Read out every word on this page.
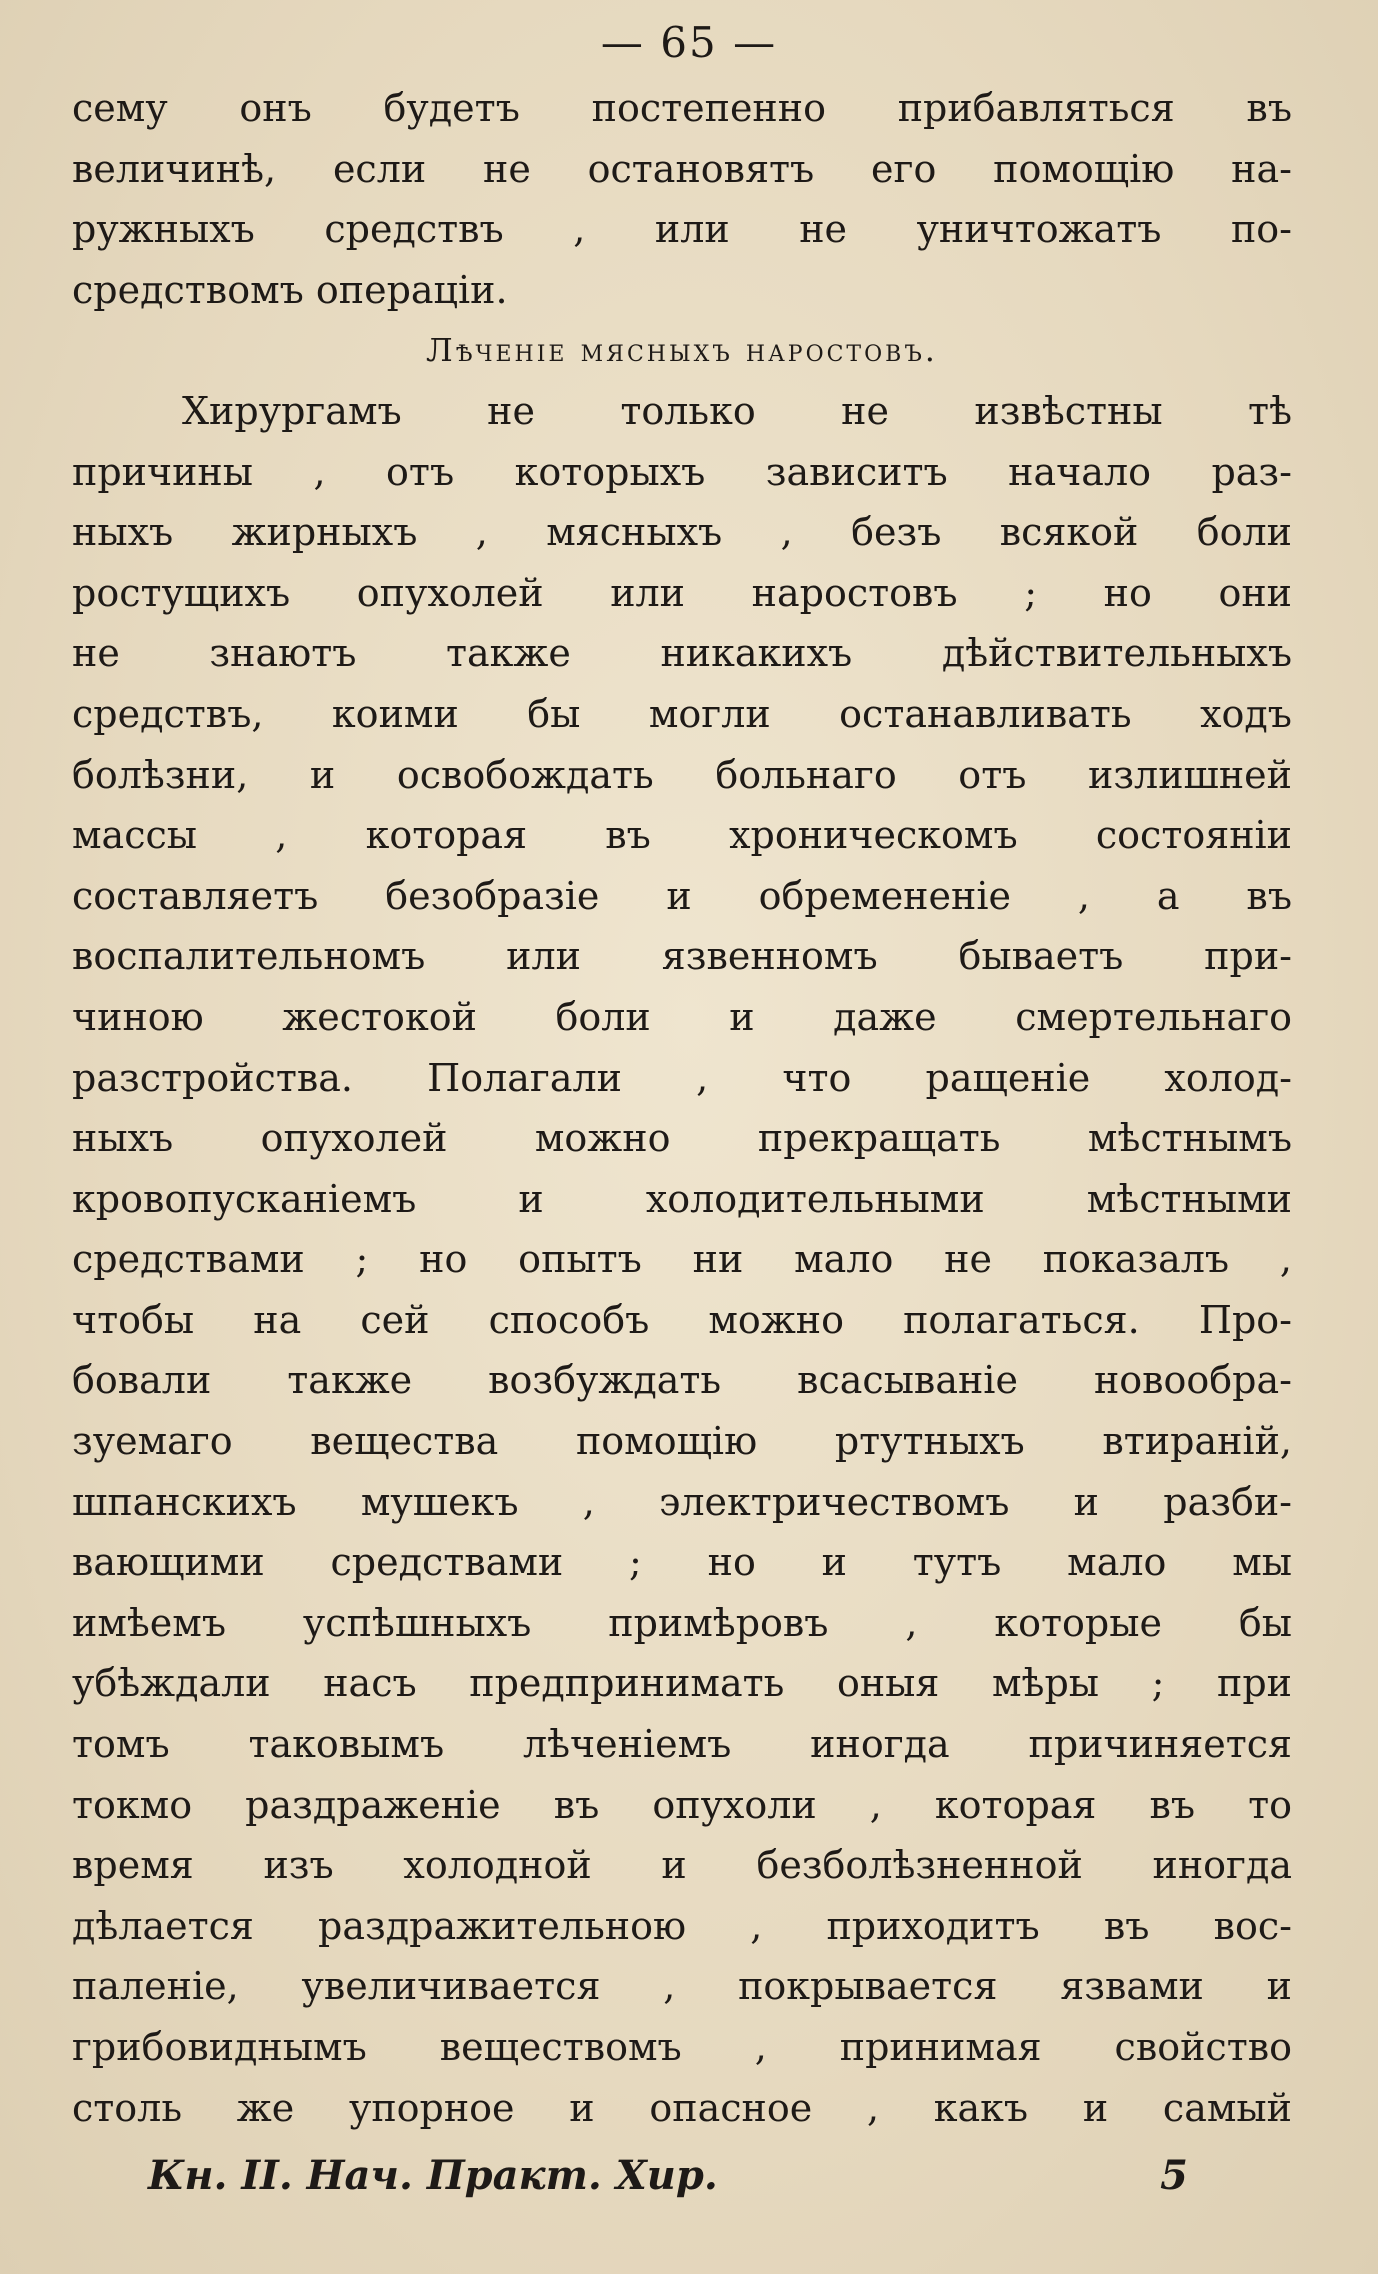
— 65 —
сему онъ будетъ постепенно прибавляться въ
величинѣ, если не остановятъ его помощію на-
ружныхъ средствъ , или не уничтожатъ по-
средствомъ операціи.
Лѣченіе мясныхъ наростовъ.
Хирургамъ не только не извѣстны тѣ
причины , отъ которыхъ зависитъ начало раз-
ныхъ жирныхъ , мясныхъ , безъ всякой боли
ростущихъ опухолей или наростовъ ; но они
не знаютъ также никакихъ дѣйствительныхъ
средствъ, коими бы могли останавливать ходъ
болѣзни, и освобождать больнаго отъ излишней
массы , которая въ хроническомъ состояніи
составляетъ безобразіе и обремененіе , а въ
воспалительномъ или язвенномъ бываетъ при-
чиною жестокой боли и даже смертельнаго
разстройства. Полагали , что ращеніе холод-
ныхъ опухолей можно прекращать мѣстнымъ
кровопусканіемъ и холодительными мѣстными
средствами ; но опытъ ни мало не показалъ ,
чтобы на сей способъ можно полагаться. Про-
бовали также возбуждать всасываніе новообра-
зуемаго вещества помощію ртутныхъ втираній,
шпанскихъ мушекъ , электричествомъ и разби-
вающими средствами ; но и тутъ мало мы
имѣемъ успѣшныхъ примѣровъ , которые бы
убѣждали насъ предпринимать оныя мѣры ; при
томъ таковымъ лѣченіемъ иногда причиняется
токмо раздраженіе въ опухоли , которая въ то
время изъ холодной и безболѣзненной иногда
дѣлается раздражительною , приходитъ въ вос-
паленіе, увеличивается , покрывается язвами и
грибовиднымъ веществомъ , принимая свойство
столь же упорное и опасное , какъ и самый
Кн. II. Нач. Практ. Хир.	5
